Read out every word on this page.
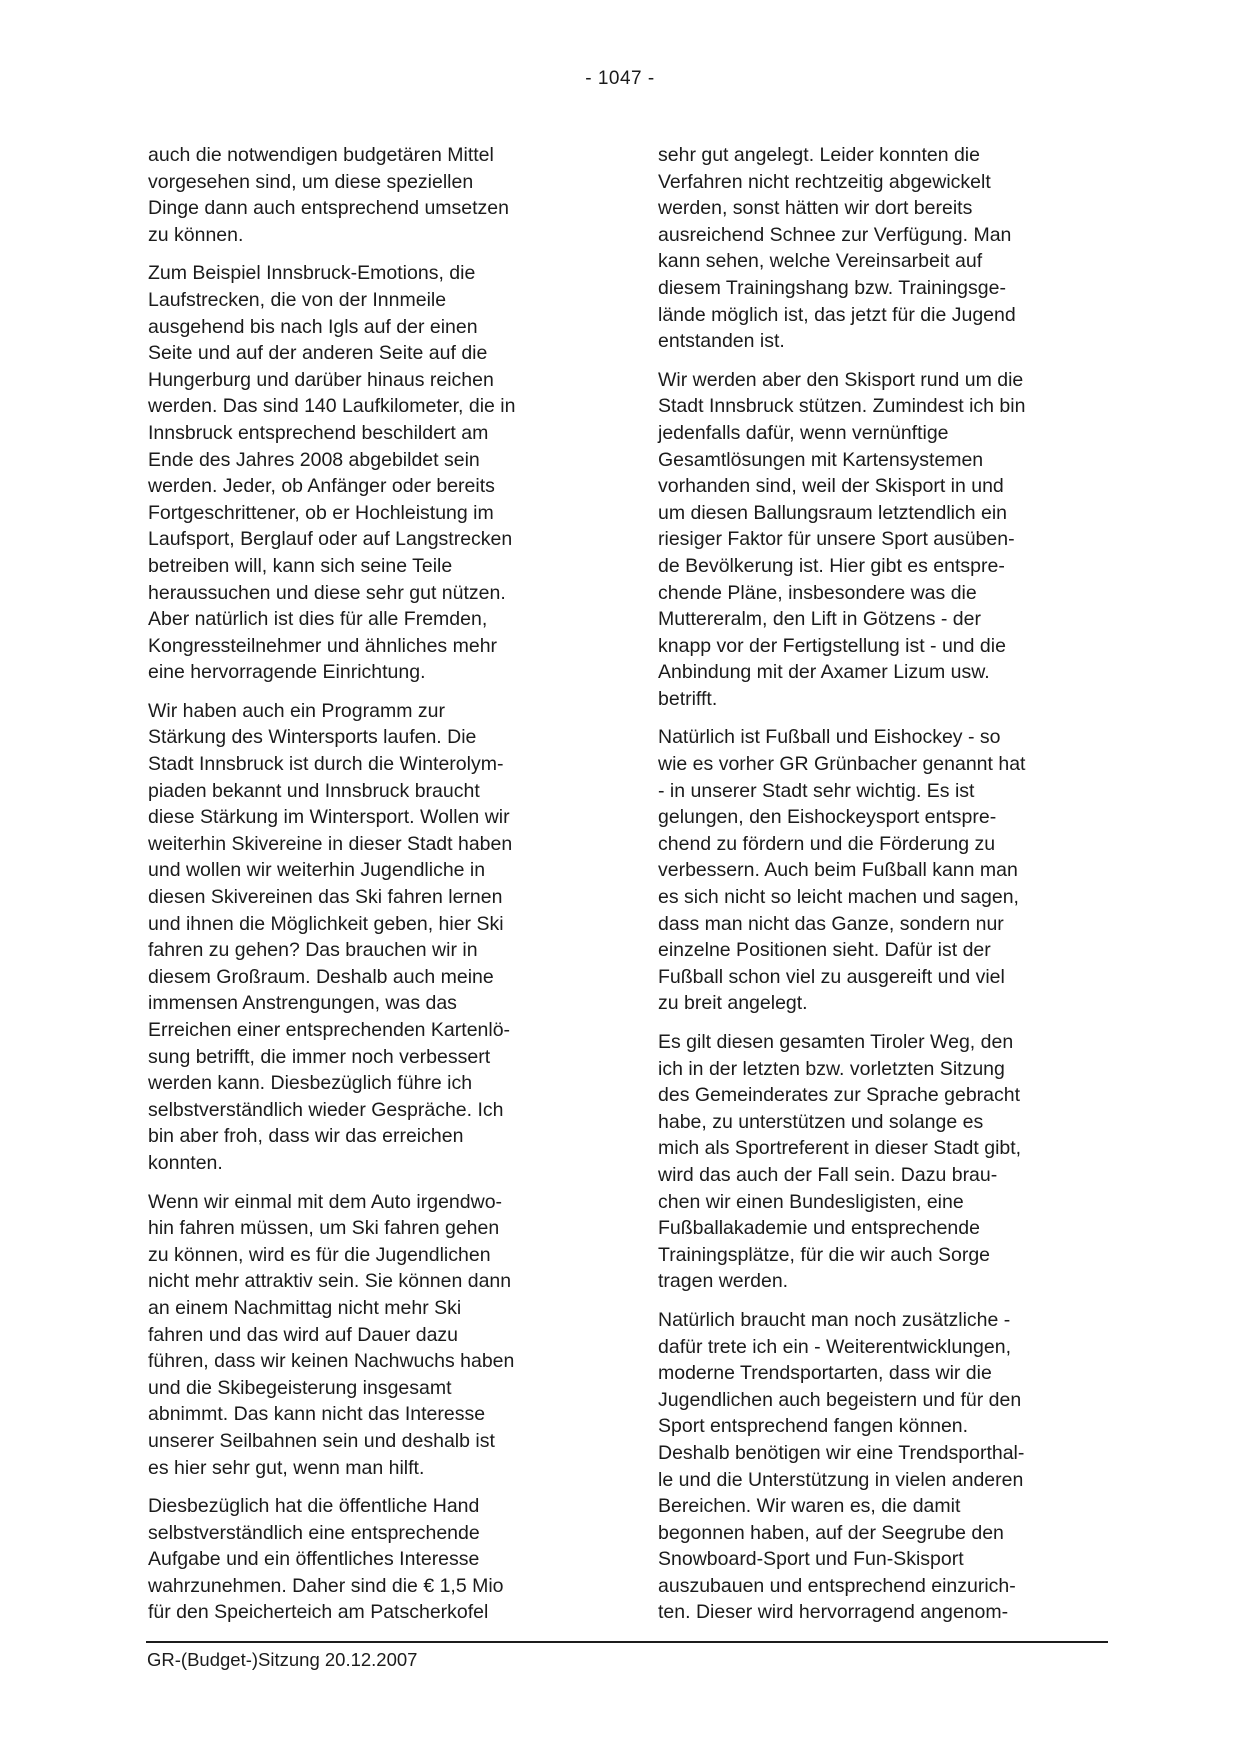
- 1047 -

auch die notwendigen budgetären Mittel
vorgesehen sind, um diese speziellen
Dinge dann auch entsprechend umsetzen
zu können.

Zum Beispiel Innsbruck-Emotions, die
Laufstrecken, die von der Innmeile
ausgehend bis nach Igls auf der einen
Seite und auf der anderen Seite auf die
Hungerburg und darüber hinaus reichen
werden. Das sind 140 Laufkilometer, die in
Innsbruck entsprechend beschildert am
Ende des Jahres 2008 abgebildet sein
werden. Jeder, ob Anfänger oder bereits
Fortgeschrittener, ob er Hochleistung im
Laufsport, Berglauf oder auf Langstrecken
betreiben will, kann sich seine Teile
heraussuchen und diese sehr gut nützen.
Aber natürlich ist dies für alle Fremden,
Kongressteilnehmer und ähnliches mehr
eine hervorragende Einrichtung.

Wir haben auch ein Programm zur
Stärkung des Wintersports laufen. Die
Stadt Innsbruck ist durch die Winterolym-
piaden bekannt und Innsbruck braucht
diese Stärkung im Wintersport. Wollen wir
weiterhin Skivereine in dieser Stadt haben
und wollen wir weiterhin Jugendliche in
diesen Skivereinen das Ski fahren lernen
und ihnen die Möglichkeit geben, hier Ski
fahren zu gehen? Das brauchen wir in
diesem Großraum. Deshalb auch meine
immensen Anstrengungen, was das
Erreichen einer entsprechenden Kartenlö-
sung betrifft, die immer noch verbessert
werden kann. Diesbezüglich führe ich
selbstverständlich wieder Gespräche. Ich
bin aber froh, dass wir das erreichen
konnten.

Wenn wir einmal mit dem Auto irgendwo-
hin fahren müssen, um Ski fahren gehen
zu können, wird es für die Jugendlichen
nicht mehr attraktiv sein. Sie können dann
an einem Nachmittag nicht mehr Ski
fahren und das wird auf Dauer dazu
führen, dass wir keinen Nachwuchs haben
und die Skibegeisterung insgesamt
abnimmt. Das kann nicht das Interesse
unserer Seilbahnen sein und deshalb ist
es hier sehr gut, wenn man hilft.

Diesbezüglich hat die öffentliche Hand
selbstverständlich eine entsprechende
Aufgabe und ein öffentliches Interesse
wahrzunehmen. Daher sind die € 1,5 Mio
für den Speicherteich am Patscherkofel

sehr gut angelegt. Leider konnten die
Verfahren nicht rechtzeitig abgewickelt
werden, sonst hätten wir dort bereits
ausreichend Schnee zur Verfügung. Man
kann sehen, welche Vereinsarbeit auf
diesem Trainingshang bzw. Trainingsge-
lände möglich ist, das jetzt für die Jugend
entstanden ist.

Wir werden aber den Skisport rund um die
Stadt Innsbruck stützen. Zumindest ich bin
jedenfalls dafür, wenn vernünftige
Gesamtlösungen mit Kartensystemen
vorhanden sind, weil der Skisport in und
um diesen Ballungsraum letztendlich ein
riesiger Faktor für unsere Sport ausüben-
de Bevölkerung ist. Hier gibt es entspre-
chende Pläne, insbesondere was die
Muttereralm, den Lift in Götzens - der
knapp vor der Fertigstellung ist - und die
Anbindung mit der Axamer Lizum usw.
betrifft.

Natürlich ist Fußball und Eishockey - so
wie es vorher GR Grünbacher genannt hat
- in unserer Stadt sehr wichtig. Es ist
gelungen, den Eishockeysport entspre-
chend zu fördern und die Förderung zu
verbessern. Auch beim Fußball kann man
es sich nicht so leicht machen und sagen,
dass man nicht das Ganze, sondern nur
einzelne Positionen sieht. Dafür ist der
Fußball schon viel zu ausgereift und viel
zu breit angelegt.

Es gilt diesen gesamten Tiroler Weg, den
ich in der letzten bzw. vorletzten Sitzung
des Gemeinderates zur Sprache gebracht
habe, zu unterstützen und solange es
mich als Sportreferent in dieser Stadt gibt,
wird das auch der Fall sein. Dazu brau-
chen wir einen Bundesligisten, eine
Fußballakademie und entsprechende
Trainingsplätze, für die wir auch Sorge
tragen werden.

Natürlich braucht man noch zusätzliche -
dafür trete ich ein - Weiterentwicklungen,
moderne Trendsportarten, dass wir die
Jugendlichen auch begeistern und für den
Sport entsprechend fangen können.
Deshalb benötigen wir eine Trendsporthal-
le und die Unterstützung in vielen anderen
Bereichen. Wir waren es, die damit
begonnen haben, auf der Seegrube den
Snowboard-Sport und Fun-Skisport
auszubauen und entsprechend einzurich-
ten. Dieser wird hervorragend angenom-

GR-(Budget-)Sitzung 20.12.2007
